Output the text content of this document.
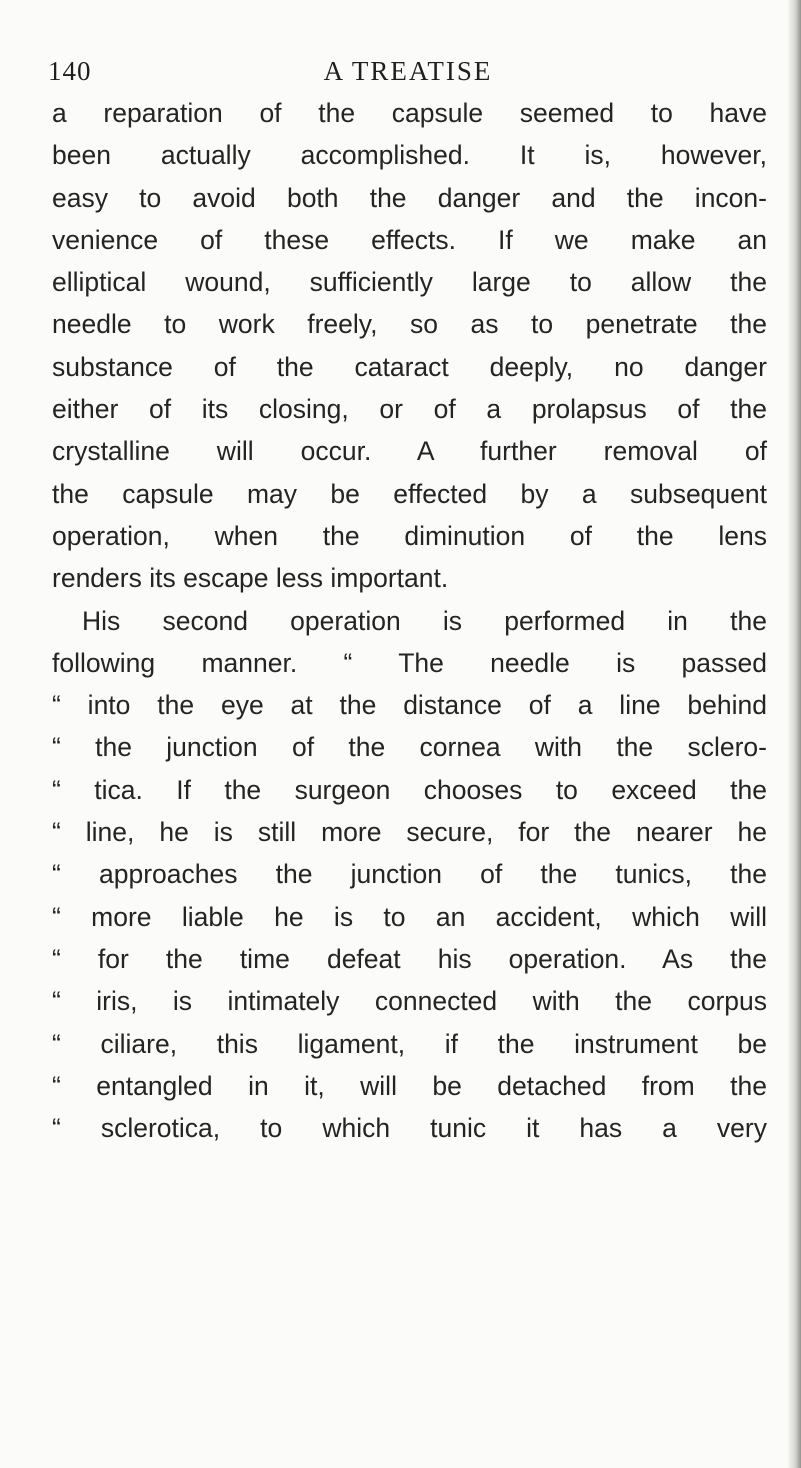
140	A TREATISE
a reparation of the capsule seemed to have
been actually accomplished. It is, however,
easy to avoid both the danger and the incon-
venience of these effects. If we make an
elliptical wound, sufficiently large to allow the
needle to work freely, so as to penetrate the
substance of the cataract deeply, no danger
either of its closing, or of a prolapsus of the
crystalline will occur. A further removal of
the capsule may be effected by a subsequent
operation, when the diminution of the lens
renders its escape less important.
His second operation is performed in the
following manner. “ The needle is passed
“ into the eye at the distance of a line behind
“ the junction of the cornea with the sclero-
“ tica. If the surgeon chooses to exceed the
“ line, he is still more secure, for the nearer he
“ approaches the junction of the tunics, the
“ more liable he is to an accident, which will
“ for the time defeat his operation. As the
“ iris, is intimately connected with the corpus
“ ciliare, this ligament, if the instrument be
“ entangled in it, will be detached from the
“ sclerotica, to which tunic it has a very
